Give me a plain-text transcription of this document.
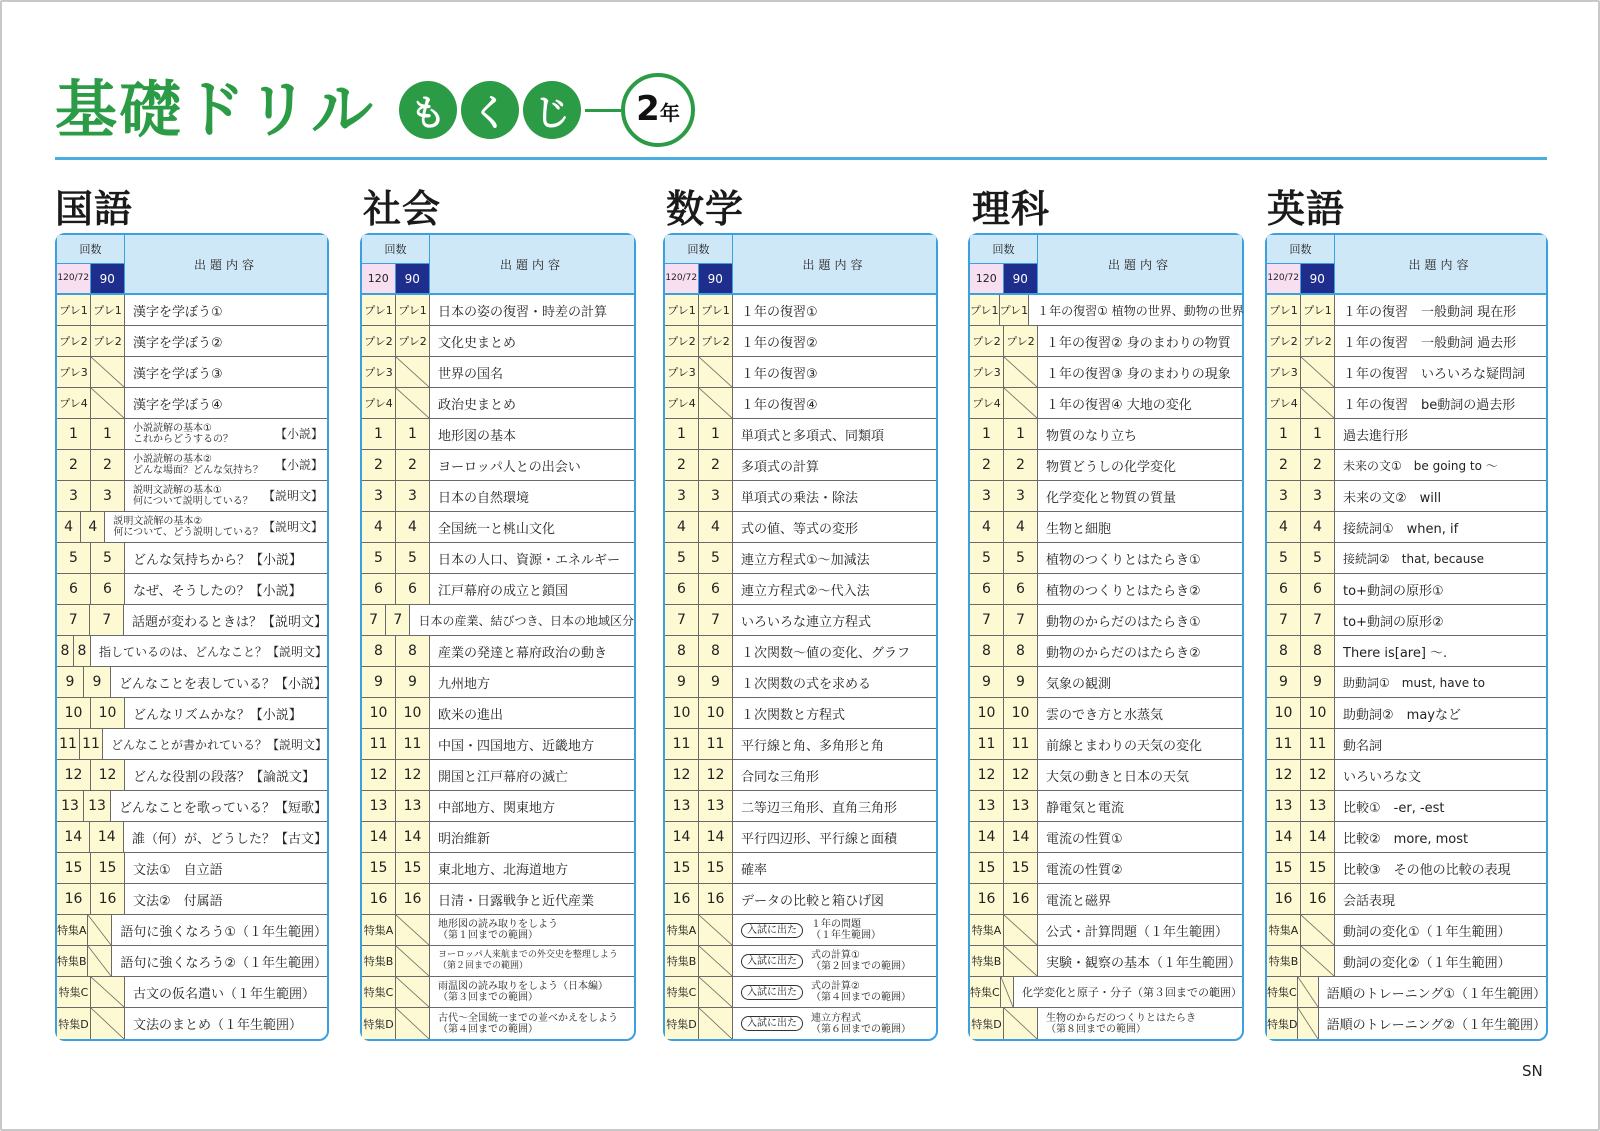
基礎ドリル も く じ	2 年
国語
回数
120/72 90
出題内容
プレ1 プレ1 漢字を学ぼう①
プレ2 プレ2 漢字を学ぼう②
プレ3	漢字を学ぼう③
プレ4	漢字を学ぼう④
1	1	小説読解の基本①
これからどうするの？	【小説】
2	2	小説読解の基本②
どんな場面？どんな気持ち？ 【小説】
3	3	説明文読解の基本①
何について説明している？ 【説明文】
4	4	説明文読解の基本②
何について、どう説明している？ 【説明文】
5	5	どんな気持ちから？【小説】
6	6	なぜ、そうしたの？【小説】
7	7	話題が変わるときは？【説明文】
8 8	指しているのは、どんなこと？【説明文】
9	9	どんなことを表している？【小説】
10	10	どんなリズムかな？【小説】
11 11 どんなことが書かれている？【説明文】
12	12	どんな役割の段落？【論説文】
13 13	どんなことを歌っている？【短歌】
14	14	誰（何）が、どうした？【古文】
15	15	文法①　自立語
16	16	文法②　付属語
特集A	語句に強くなろう①（１年生範囲）
特集B	語句に強くなろう②（１年生範囲）
特集C	古文の仮名遣い（１年生範囲）
特集D	文法のまとめ（１年生範囲）
社会
回数
120	90
出題内容
プレ1 プレ1 日本の姿の復習・時差の計算
プレ2 プレ2 文化史まとめ
プレ3	世界の国名
プレ4	政治史まとめ
1	1	地形図の基本
2	2	ヨーロッパ人との出会い
3	3	日本の自然環境
4	4	全国統一と桃山文化
5	5	日本の人口、資源・エネルギー
6	6	江戸幕府の成立と鎖国
7	7	日本の産業、結びつき、日本の地域区分
8	8	産業の発達と幕府政治の動き
9	9	九州地方
10	10	欧米の進出
11	11	中国・四国地方、近畿地方
12	12	開国と江戸幕府の滅亡
13	13	中部地方、関東地方
14	14	明治維新
15	15	東北地方、北海道地方
16	16	日清・日露戦争と近代産業
特集A	地形図の読み取りをしよう
（第１回までの範囲）
特集B	ヨーロッパ人来航までの外交史を整理しよう
（第２回までの範囲）
特集C	雨温図の読み取りをしよう（日本編）
（第３回までの範囲）
特集D	古代～全国統一までの並べかえをしよう
（第４回までの範囲）
数学
回数
120/72 90
出題内容
プレ1 プレ1 １年の復習①
プレ2 プレ2 １年の復習②
プレ3	１年の復習③
プレ4	１年の復習④
1	1	単項式と多項式、同類項
2	2	多項式の計算
3	3	単項式の乗法・除法
4	4	式の値、等式の変形
5	5	連立方程式①～加減法
6	6	連立方程式②～代入法
7	7	いろいろな連立方程式
8	8	１次関数～値の変化、グラフ
9	9	１次関数の式を求める
10	10	１次関数と方程式
11	11	平行線と角、多角形と角
12	12	合同な三角形
13	13	二等辺三角形、直角三角形
14	14	平行四辺形、平行線と面積
15	15	確率
16	16	データの比較と箱ひげ図
特集A	入試に出た	１年の問題
（１年生範囲）
特集B	入試に出た	式の計算①
（第２回までの範囲）
特集C	入試に出た	式の計算②
（第４回までの範囲）
特集D	入試に出た	連立方程式
（第６回までの範囲）
理科
回数
120	90
出題内容
プレ1 プレ1 １年の復習① 植物の世界、動物の世界
プレ2 プレ2 １年の復習② 身のまわりの物質
プレ3	１年の復習③ 身のまわりの現象
プレ4	１年の復習④ 大地の変化
1	1	物質のなり立ち
2	2	物質どうしの化学変化
3	3	化学変化と物質の質量
4	4	生物と細胞
5	5	植物のつくりとはたらき①
6	6	植物のつくりとはたらき②
7	7	動物のからだのはたらき①
8	8	動物のからだのはたらき②
9	9	気象の観測
10	10	雲のでき方と水蒸気
11	11	前線とまわりの天気の変化
12	12	大気の動きと日本の天気
13	13	静電気と電流
14	14	電流の性質①
15	15	電流の性質②
16	16	電流と磁界
特集A	公式・計算問題（１年生範囲）
特集B	実験・観察の基本（１年生範囲）
特集C 化学変化と原子・分子（第３回までの範囲）
特集D	生物のからだのつくりとはたらき
（第８回までの範囲）
英語
回数
120/72 90
出題内容
プレ1 プレ1 １年の復習　一般動詞 現在形
プレ2 プレ2 １年の復習　一般動詞 過去形
プレ3	１年の復習　いろいろな疑問詞
プレ4	１年の復習　be動詞の過去形
1	1	過去進行形
2	2	未来の文①　be going to ～
3	3	未来の文②　will
4	4	接続詞①　when, if
5	5	接続詞②　that, because
6	6	to+動詞の原形①
7	7	to+動詞の原形②
8	8	There is[are] ～.
9	9	助動詞①　must, have to
10	10	助動詞②　mayなど
11	11	動名詞
12	12	いろいろな文
13	13	比較①　-er, -est
14	14	比較②　more, most
15	15	比較③　その他の比較の表現
16	16	会話表現
特集A	動詞の変化①（１年生範囲）
特集B	動詞の変化②（１年生範囲）
特集C 語順のトレーニング①（１年生範囲）
特集D 語順のトレーニング②（１年生範囲）
SN
